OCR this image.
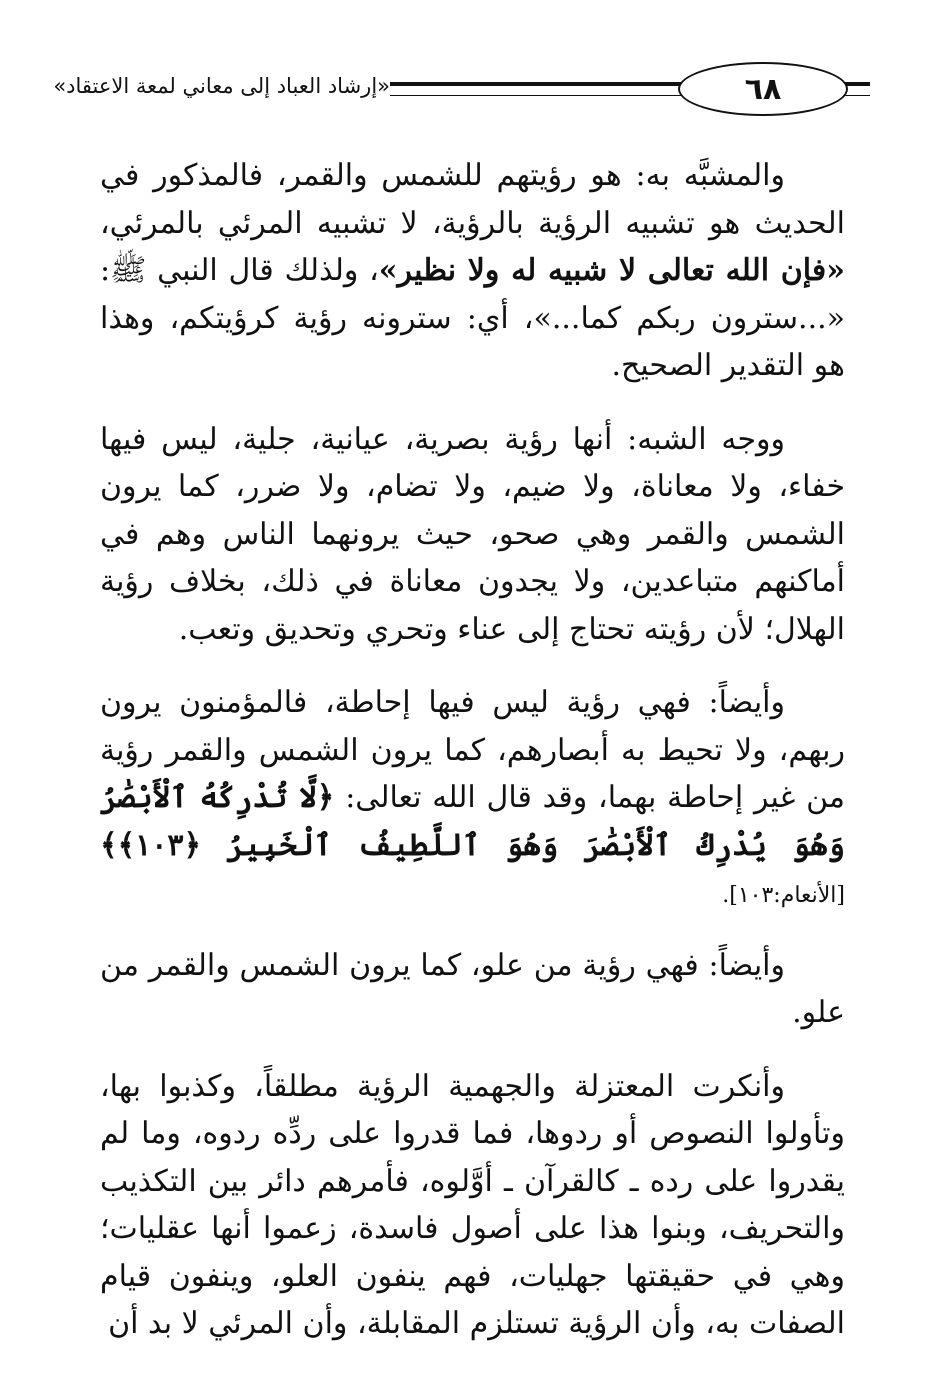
«إرشاد العباد إلى معاني لمعة الاعتقاد»	٦٨

والمشبَّه به: هو رؤيتهم للشمس والقمر، فالمذكور في الحديث هو تشبيه الرؤية بالرؤية، لا تشبيه المرئي بالمرئي، «فإن الله تعالى لا شبيه له ولا نظير»، ولذلك قال النبي ﷺ: «...سترون ربكم كما...»، أي: سترونه رؤية كرؤيتكم، وهذا هو التقدير الصحيح.

ووجه الشبه: أنها رؤية بصرية، عيانية، جلية، ليس فيها خفاء، ولا معاناة، ولا ضيم، ولا تضام، ولا ضرر، كما يرون الشمس والقمر وهي صحو، حيث يرونهما الناس وهم في أماكنهم متباعدين، ولا يجدون معاناة في ذلك، بخلاف رؤية الهلال؛ لأن رؤيته تحتاج إلى عناء وتحري وتحديق وتعب.

وأيضاً: فهي رؤية ليس فيها إحاطة، فالمؤمنون يرون ربهم، ولا تحيط به أبصارهم، كما يرون الشمس والقمر رؤية من غير إحاطة بهما، وقد قال الله تعالى: ﴿لَّا تُدْرِكُهُ ٱلْأَبْصَٰرُ وَهُوَ يُدْرِكُ ٱلْأَبْصَٰرَ وَهُوَ ٱللَّطِيفُ ٱلْخَبِيرُ ﴿١٠٣﴾﴾ [الأنعام:١٠٣].

وأيضاً: فهي رؤية من علو، كما يرون الشمس والقمر من علو.

وأنكرت المعتزلة والجهمية الرؤية مطلقاً، وكذبوا بها، وتأولوا النصوص أو ردوها، فما قدروا على ردِّه ردوه، وما لم يقدروا على رده ـ كالقرآن ـ أوَّلوه، فأمرهم دائر بين التكذيب والتحريف، وبنوا هذا على أصول فاسدة، زعموا أنها عقليات؛ وهي في حقيقتها جهليات، فهم ينفون العلو، وينفون قيام الصفات به، وأن الرؤية تستلزم المقابلة، وأن المرئي لا بد أن
